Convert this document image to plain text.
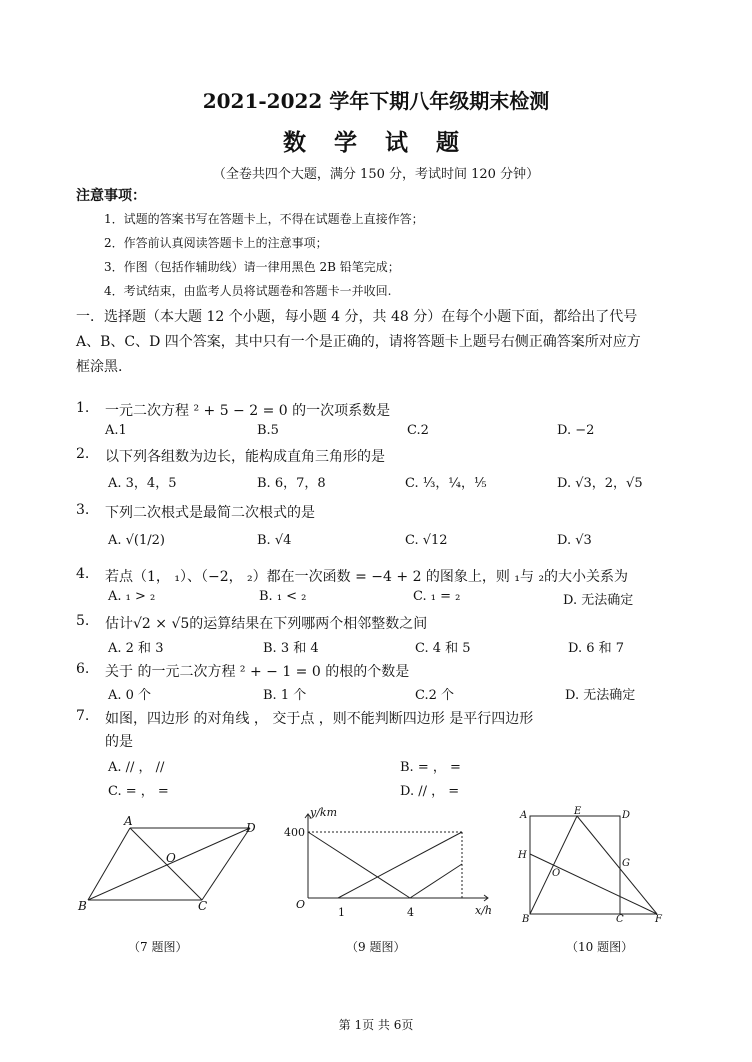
2021-2022 学年下期八年级期末检测
数 学 试 题
（全卷共四个大题，满分 150 分，考试时间 120 分钟）
注意事项：
1．试题的答案书写在答题卡上，不得在试题卷上直接作答；
2．作答前认真阅读答题卡上的注意事项；
3．作图（包括作辅助线）请一律用黑色 2B 铅笔完成；
4．考试结束，由监考人员将试题卷和答题卡一并收回.
一．选择题（本大题 12 个小题，每小题 4 分，共 48 分）在每个小题下面，都给出了代号
A、B、C、D 四个答案，其中只有一个是正确的，请将答题卡上题号右侧正确答案所对应方
框涂黑.
1. 一元二次方程 ² + 5 − 2 = 0 的一次项系数是
A.1	B.5	C.2	D. −2
2. 以下列各组数为边长，能构成直角三角形的是
A. 3，4，5	B. 6，7，8	C. ⅓，¼，⅕	D. √3，2，√5
3. 下列二次根式是最简二次根式的是
A. √(1/2)	B. √4	C. √12	D. √3
4. 若点（1， ₁）、（−2， ₂）都在一次函数 = −4 + 2 的图象上，则 ₁与 ₂的大小关系为
A. ₁ > ₂	B. ₁ < ₂	C. ₁ = ₂	D. 无法确定
5. 估计√2 × √5的运算结果在下列哪两个相邻整数之间
A. 2 和 3	B. 3 和 4	C. 4 和 5	D. 6 和 7
6. 关于 的一元二次方程 ² + − 1 = 0 的根的个数是
A. 0 个	B. 1 个	C.2 个	D. 无法确定
7. 如图，四边形 的对角线 ， 交于点 ，则不能判断四边形 是平行四边形
的是
A. // ， //	B. = ， =
C. = ， =	D. // ， =
A	D
O
B	C
（7 题图）
y/km
400
O
1	4	x/h
（9 题图）
A	E	D
H
G
O
B	C	F
（10 题图）
第 1页 共 6页
